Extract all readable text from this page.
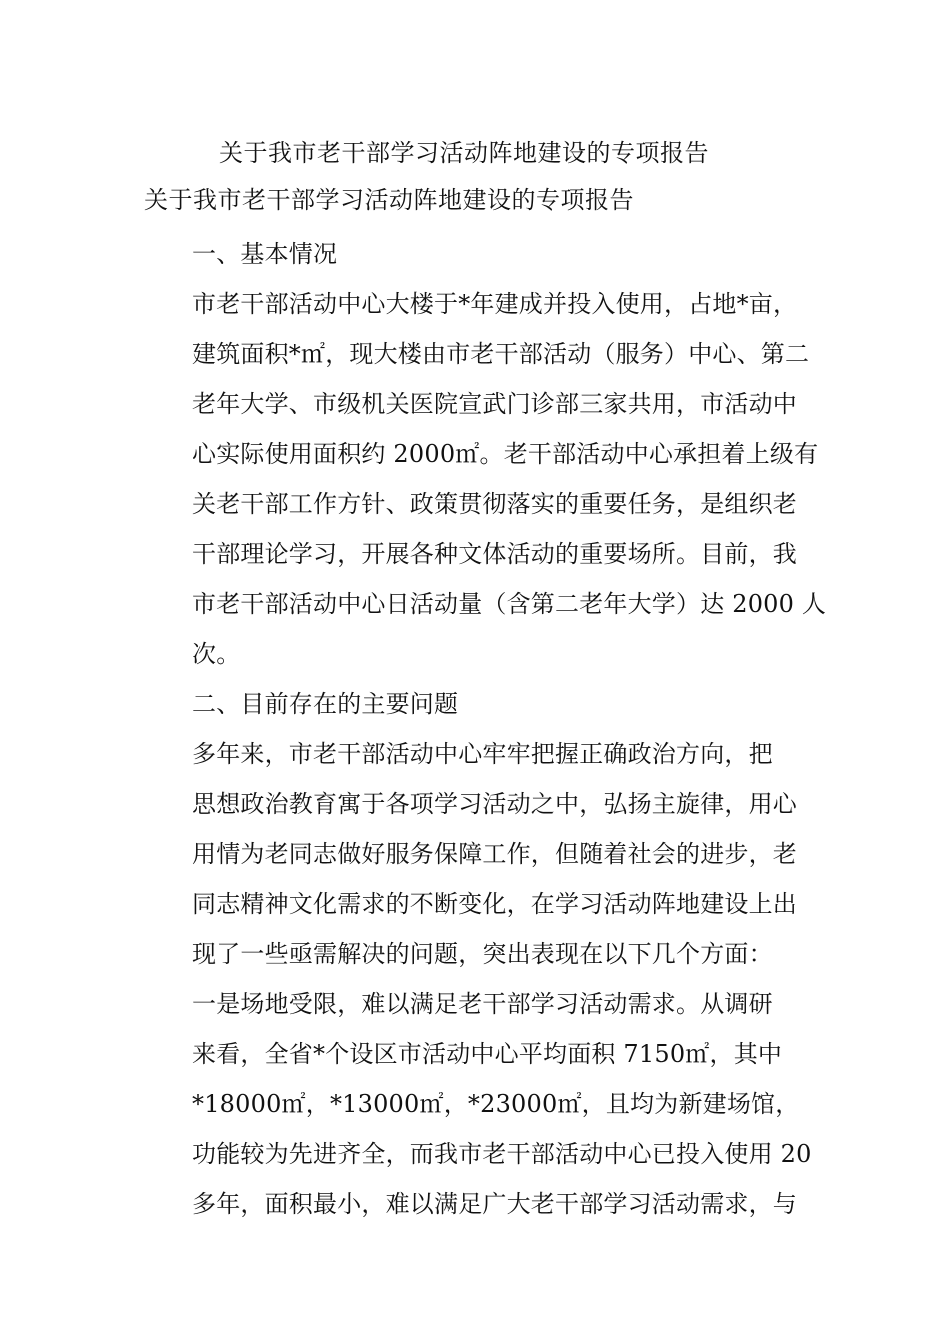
关于我市老干部学习活动阵地建设的专项报告
关于我市老干部学习活动阵地建设的专项报告

一、基本情况

市老干部活动中心大楼于*年建成并投入使用，占地*亩，
建筑面积*㎡，现大楼由市老干部活动（服务）中心、第二
老年大学、市级机关医院宣武门诊部三家共用，市活动中
心实际使用面积约 2000㎡。老干部活动中心承担着上级有
关老干部工作方针、政策贯彻落实的重要任务，是组织老
干部理论学习，开展各种文体活动的重要场所。目前，我
市老干部活动中心日活动量（含第二老年大学）达 2000 人
次。

二、目前存在的主要问题

多年来，市老干部活动中心牢牢把握正确政治方向，把
思想政治教育寓于各项学习活动之中，弘扬主旋律，用心
用情为老同志做好服务保障工作，但随着社会的进步，老
同志精神文化需求的不断变化，在学习活动阵地建设上出
现了一些亟需解决的问题，突出表现在以下几个方面：

一是场地受限，难以满足老干部学习活动需求。从调研
来看，全省*个设区市活动中心平均面积 7150㎡，其中
*18000㎡，*13000㎡，*23000㎡，且均为新建场馆，
功能较为先进齐全，而我市老干部活动中心已投入使用 20
多年，面积最小，难以满足广大老干部学习活动需求，与
